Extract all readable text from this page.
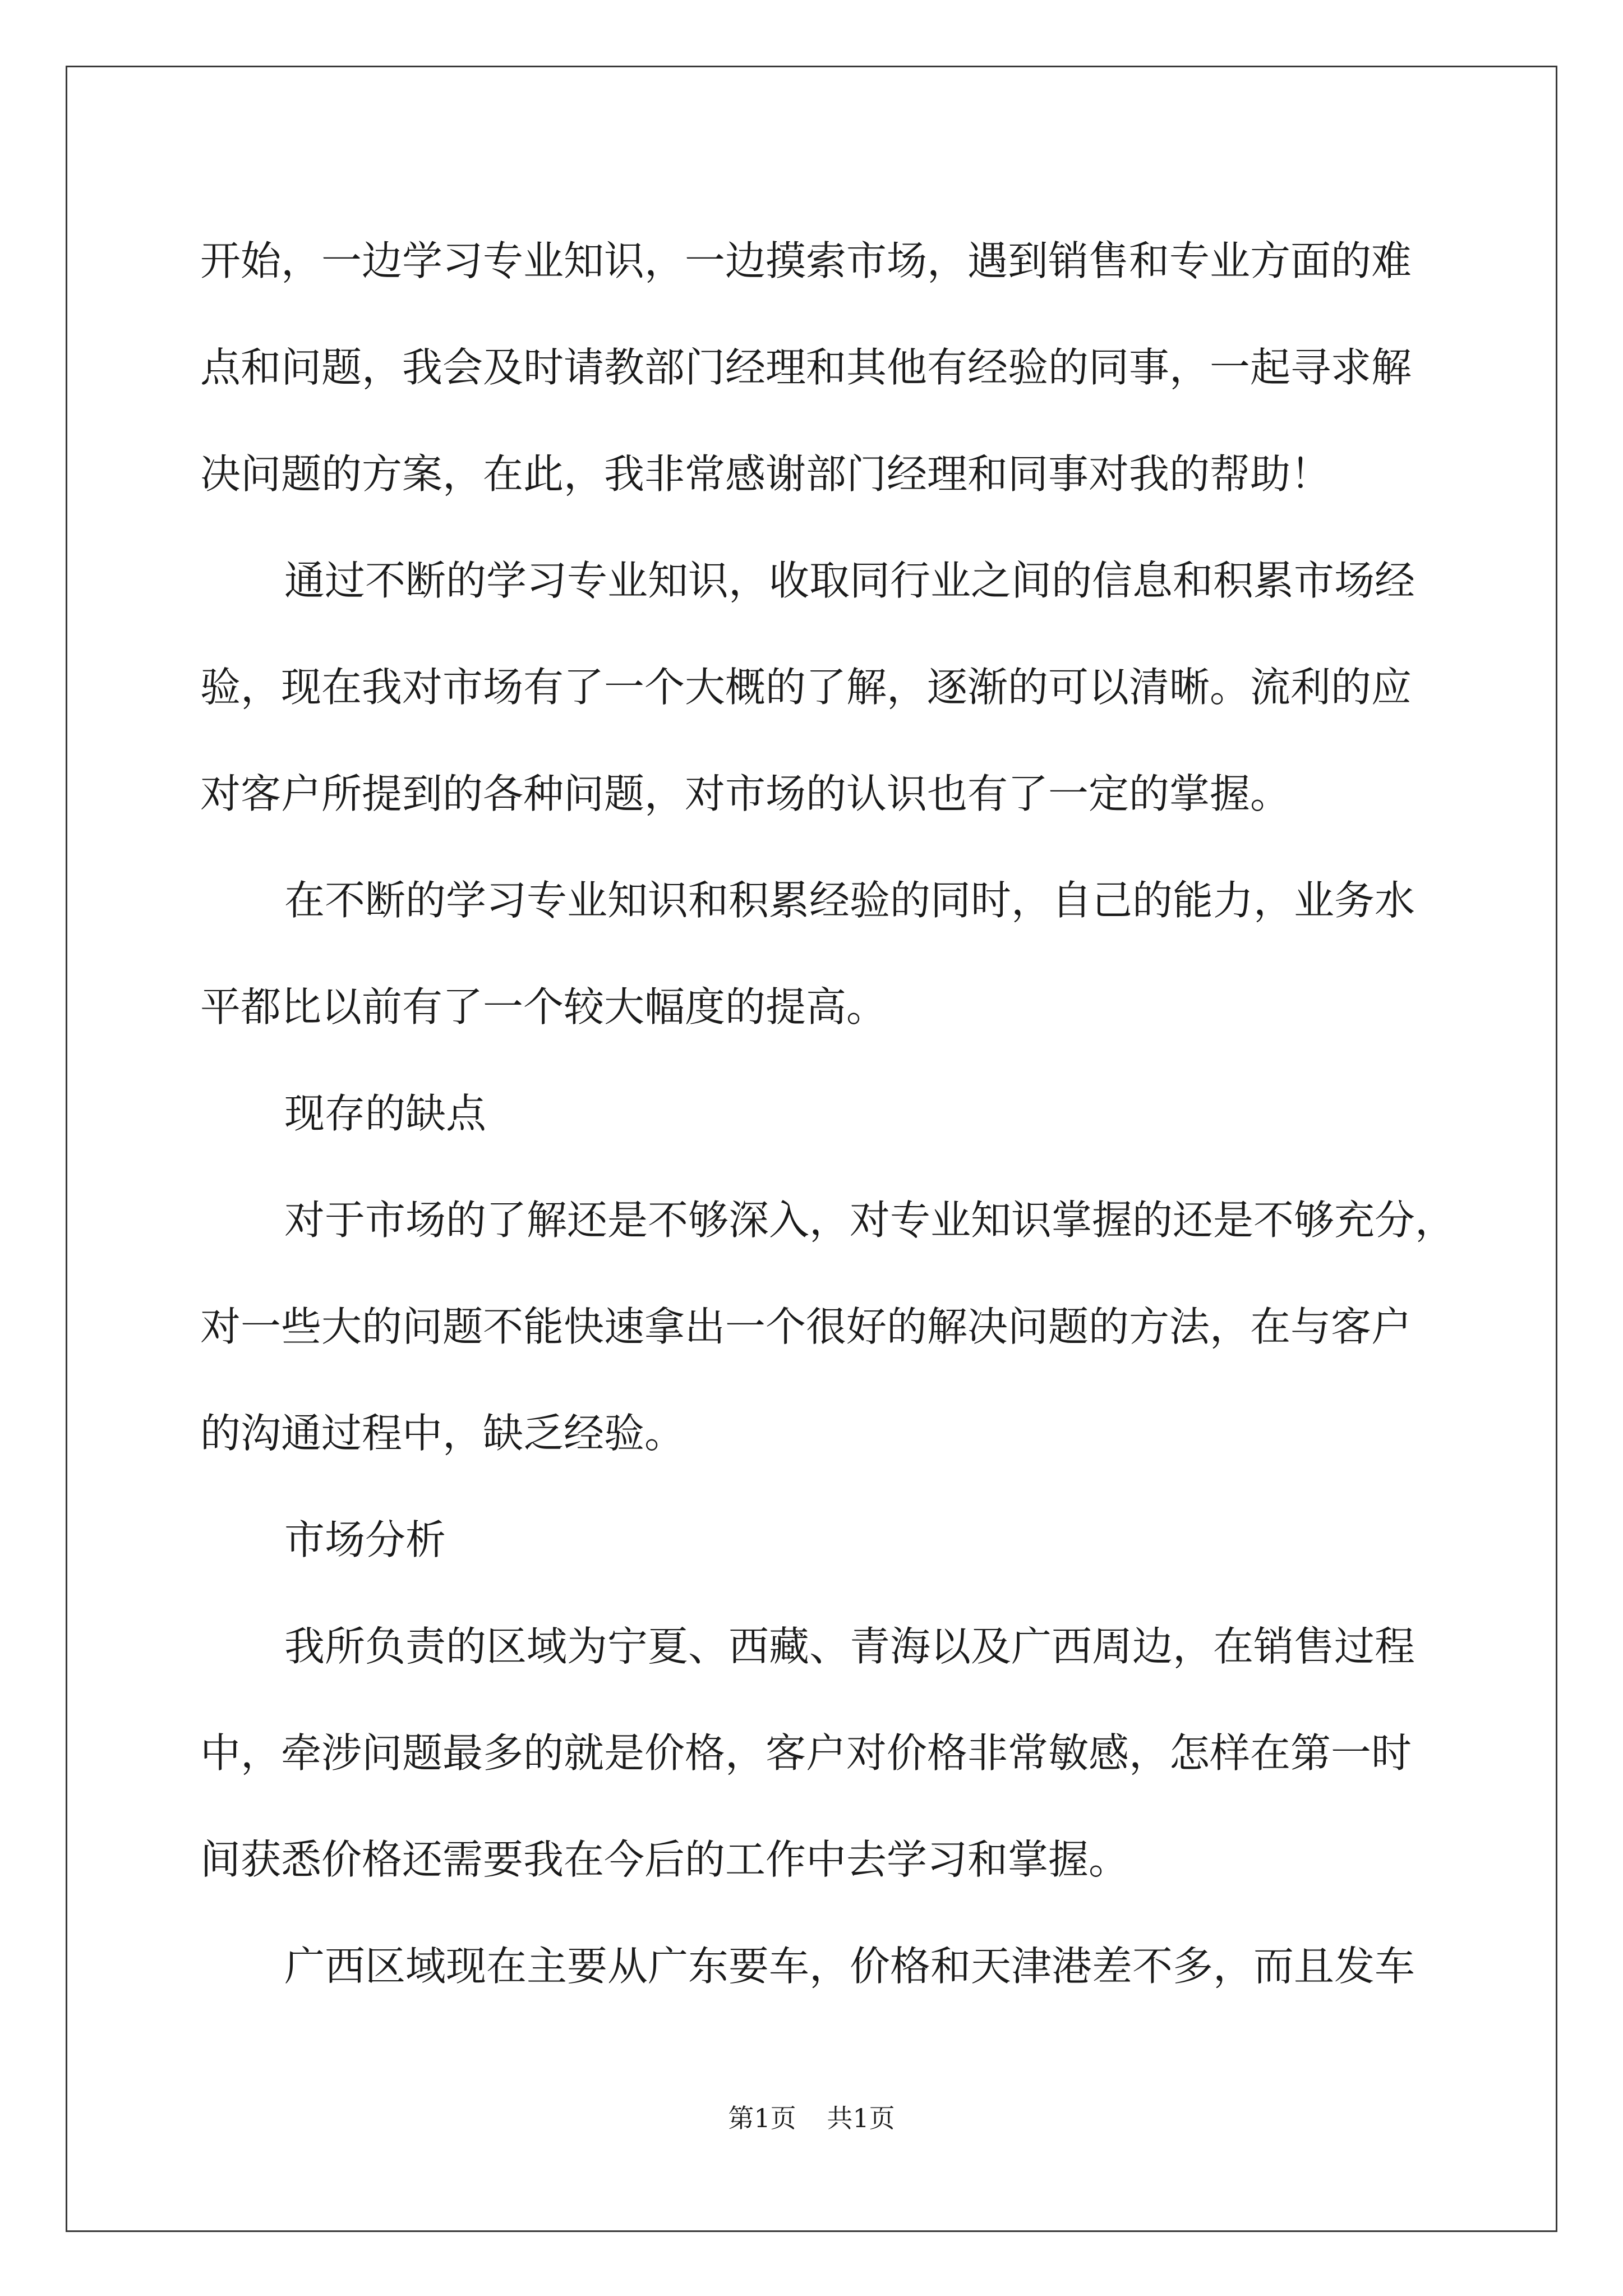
开始，一边学习专业知识，一边摸索市场，遇到销售和专业方面的难
点和问题，我会及时请教部门经理和其他有经验的同事，一起寻求解
决问题的方案，在此，我非常感谢部门经理和同事对我的帮助！
通过不断的学习专业知识，收取同行业之间的信息和积累市场经
验，现在我对市场有了一个大概的了解，逐渐的可以清晰。流利的应
对客户所提到的各种问题，对市场的认识也有了一定的掌握。
在不断的学习专业知识和积累经验的同时，自己的能力，业务水
平都比以前有了一个较大幅度的提高。
现存的缺点
对于市场的了解还是不够深入，对专业知识掌握的还是不够充分，
对一些大的问题不能快速拿出一个很好的解决问题的方法，在与客户
的沟通过程中，缺乏经验。
市场分析
我所负责的区域为宁夏、西藏、青海以及广西周边，在销售过程
中，牵涉问题最多的就是价格，客户对价格非常敏感，怎样在第一时
间获悉价格还需要我在今后的工作中去学习和掌握。
广西区域现在主要从广东要车，价格和天津港差不多，而且发车
第1页 共1页
